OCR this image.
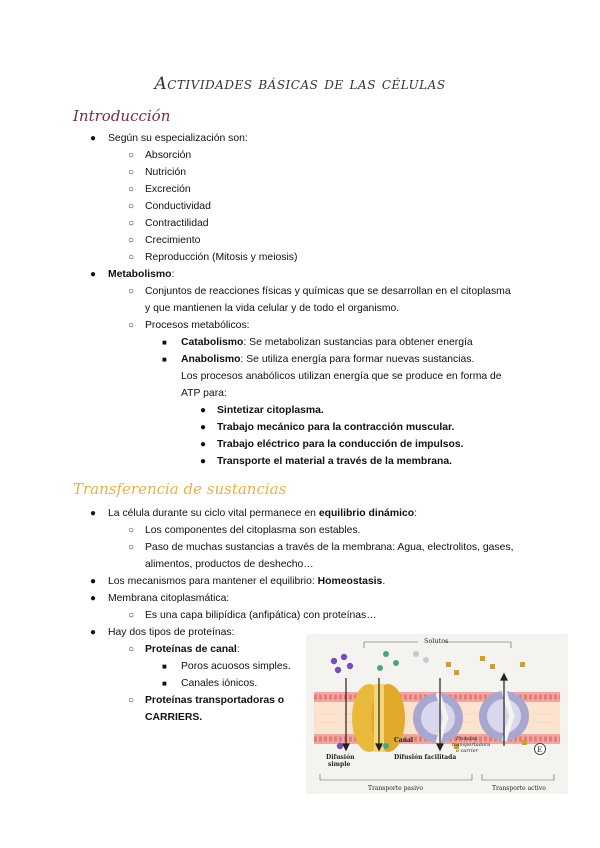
Actividades básicas de las células
Introducción
● Según su especialización son:
○ Absorción
○ Nutrición
○ Excreción
○ Conductividad
○ Contractilidad
○ Crecimiento
○ Reproducción (Mitosis y meiosis)
● Metabolismo:
○ Conjuntos de reacciones físicas y químicas que se desarrollan en el citoplasma
y que mantienen la vida celular y de todo el organismo.
○ Procesos metabólicos:
■ Catabolismo: Se metabolizan sustancias para obtener energía
■ Anabolismo: Se utiliza energía para formar nuevas sustancias.
Los procesos anabólicos utilizan energía que se produce en forma de
ATP para:
● Sintetizar citoplasma.
● Trabajo mecánico para la contracción muscular.
● Trabajo eléctrico para la conducción de impulsos.
● Transporte el material a través de la membrana.
Transferencia de sustancias
● La célula durante su ciclo vital permanece en equilibrio dinámico:
○ Los componentes del citoplasma son estables.
○ Paso de muchas sustancias a través de la membrana: Agua, electrolitos, gases,
alimentos, productos de deshecho…
● Los mecanismos para mantener el equilibrio: Homeostasis.
● Membrana citoplasmática:
○ Es una capa bilipídica (anfipática) con proteínas…
● Hay dos tipos de proteínas:
○ Proteínas de canal:
■ Poros acuosos simples.
■ Canales iónicos.
○ Proteínas transportadoras o
CARRIERS.
Solutos
E
Difusión
simple
Canal
Difusión facilitada
Proteína
transportadora
o carrier
Transporte pasivo	Transporte activo
